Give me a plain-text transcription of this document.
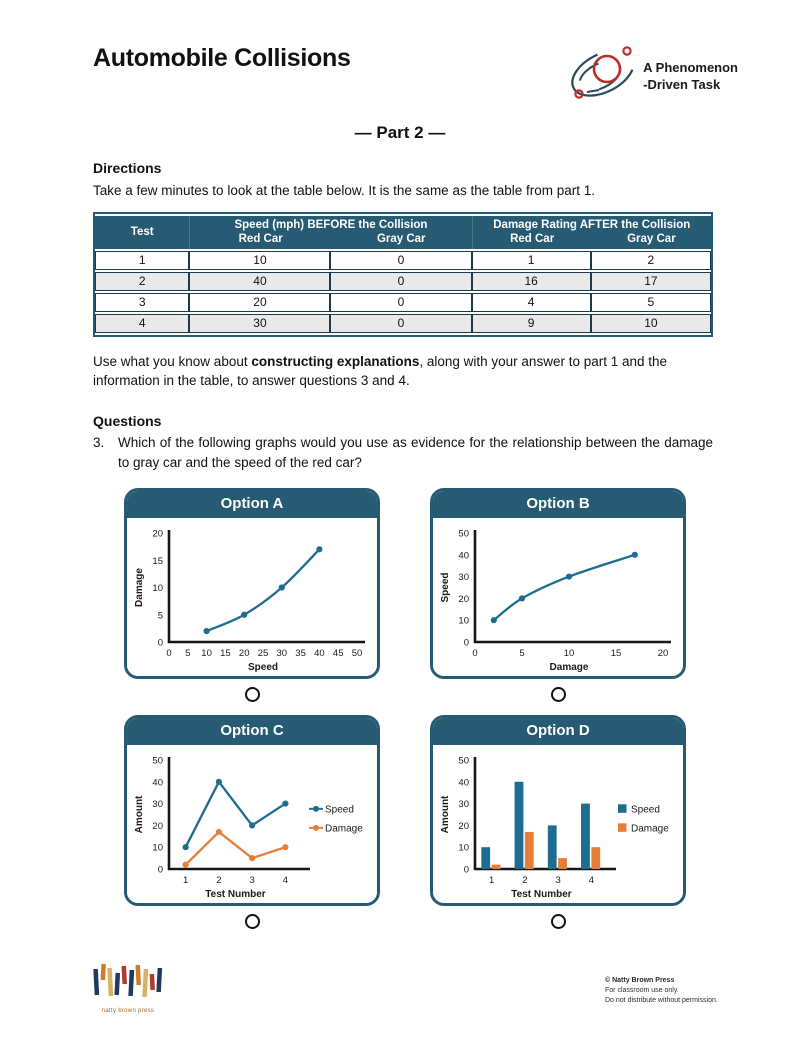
Automobile Collisions	A Phenomenon
-Driven Task
— Part 2 —
Directions

Take a few minutes to look at the table below. It is the same as the table from part 1.

Test	
Speed (mph) BEFORE the Collision
Red Car	Gray Car

Damage Rating AFTER the Collision
Red Car	Gray Car

1	10	0	1	2
2	40	0	16	17
3	20	0	4	5
4	30	0	9	10

Use what you know about constructing explanations, along with your answer to part 1 and the information in the table, to answer questions 3 and 4.

Questions

3. Which of the following graphs would you use as evidence for the relationship between the damage to gray car and the speed of the red car?

Option A
0
5
10
15
20
0 5 10 15 20 25 30 35 40 45 50
Speed
Damage
Option B
0
10
20
30
40
50
0	5	10	15	20
Damage
Speed
Option C
0
10
20
30
40
50
1	2	3	4
Test Number
Amount	Speed
Damage
Option D
0
10
20
30
40
50
1	2	3	4
Test Number
Amount	Speed
Damage
natty brown press

© Natty Brown Press

For classroom use only.

Do not distribute without permission.
